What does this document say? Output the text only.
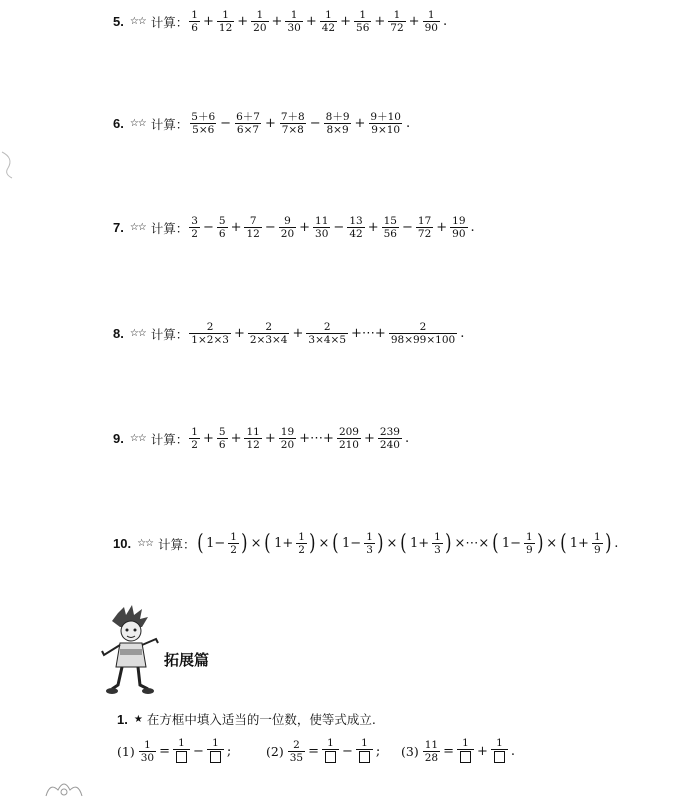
5. ☆☆ 计算： $\frac{1}{6} + \frac{1}{12} + \frac{1}{20} + \frac{1}{30} + \frac{1}{42} + \frac{1}{56} + \frac{1}{72} + \frac{1}{90}$ .
6. ☆☆ 计算： $\frac{5+6}{5\times 6} - \frac{6+7}{6\times 7} + \frac{7+8}{7\times 8} - \frac{8+9}{8\times 9} + \frac{9+10}{9\times 10}$ .
7. ☆☆ 计算： $\frac{3}{2} - \frac{5}{6} + \frac{7}{12} - \frac{9}{20} + \frac{11}{30} - \frac{13}{42} + \frac{15}{56} - \frac{17}{72} + \frac{19}{90}$ .
8. ☆☆ 计算： $\frac{2}{1\times 2\times 3} + \frac{2}{2\times 3\times 4} + \frac{2}{3\times 4\times 5}$ +⋯+ $\frac{2}{98\times 99\times 100}$ .
9. ☆☆ 计算： $\frac{1}{2} + \frac{5}{6} + \frac{11}{12} + \frac{19}{20}$ +⋯+ $\frac{209}{210} + \frac{239}{240}$ .
10. ☆☆ 计算： ( $1- \frac{1}{2}$ ) × ( $1+ \frac{1}{2}$ ) × ( $1- \frac{1}{3}$ ) × ( $1+ \frac{1}{3}$ ) ×⋯× ( $1- \frac{1}{9}$ ) × ( $1+ \frac{1}{9}$ ) .
拓展篇
1. ★ 在方框中填入适当的一位数，使等式成立.
$(1) \frac{1}{30}$ =
1
−
1
;	$(2) \frac{2}{35}$ =
1
−
1
; $(3) \frac{11}{28}$ =
1
+
1
.
